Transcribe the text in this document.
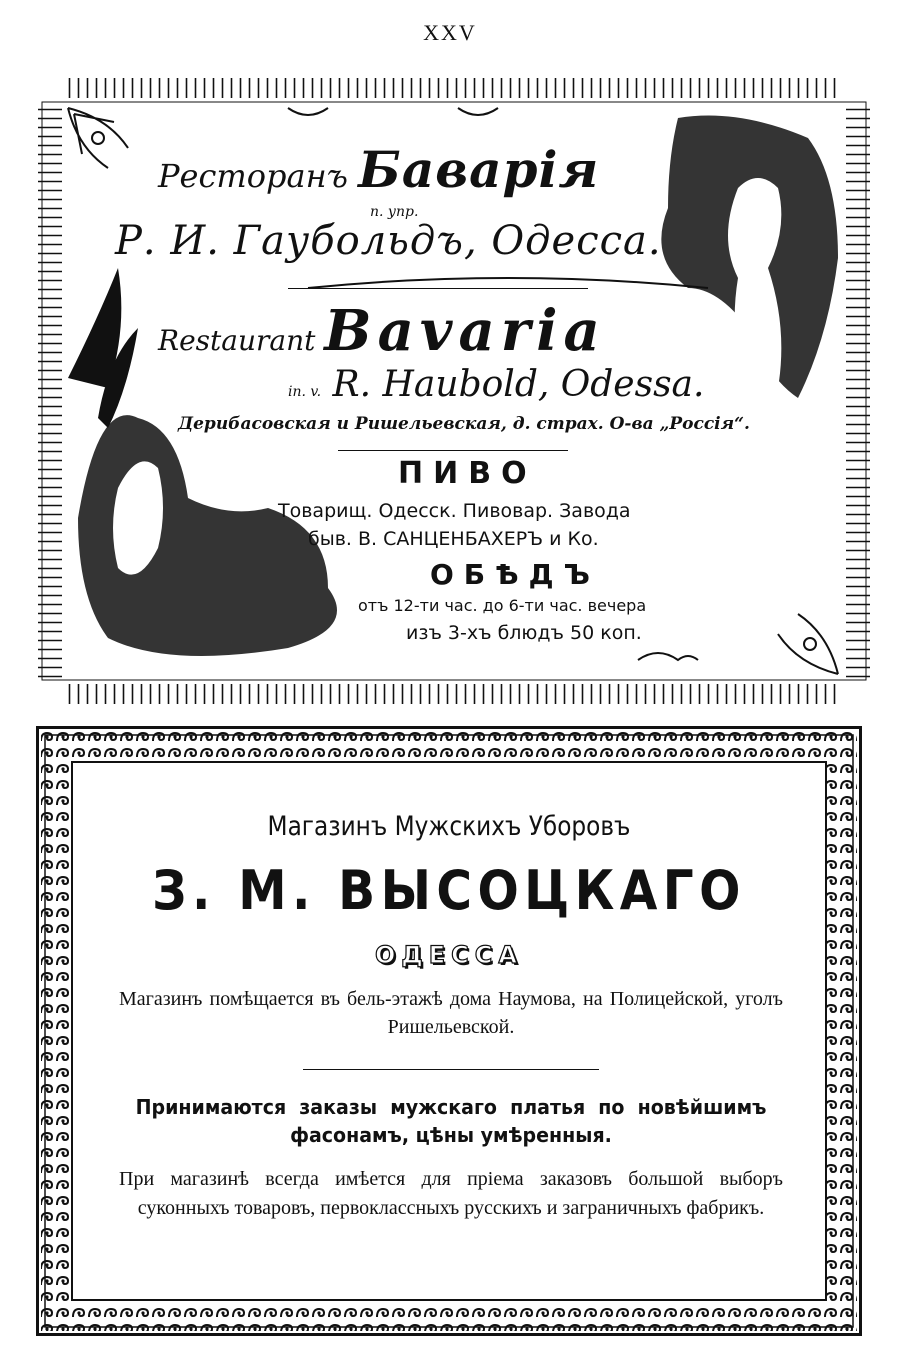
XXV
Ресторанъ Баварія
п. упр.
Р. И. Гаубольдъ, Одесса.
Restaurant Bavaria
in. v. R. Haubold, Odessa.
Дерибасовская и Ришельевская, д. страх. О-ва „Россія“.
ПИВО
Товарищ. Одесск. Пивовар. Завода
быв. В. САНЦЕНБАХЕРЪ и Ко.
ОБѢДЪ
отъ 12-ти час. до 6-ти час. вечера
изъ 3-хъ блюдъ 50 коп.
Магазинъ Мужскихъ Уборовъ
З. М. ВЫСОЦКАГО
ОДЕССА
Магазинъ помѣщается въ бель-этажѣ дома Наумова, на Полицейской, уголъ Ришельевской.
Принимаются заказы мужскаго платья по новѣйшимъ фасонамъ, цѣны умѣренныя.
При магазинѣ всегда имѣется для пріема заказовъ большой выборъ суконныхъ товаровъ, первоклассныхъ русскихъ и заграничныхъ фабрикъ.
